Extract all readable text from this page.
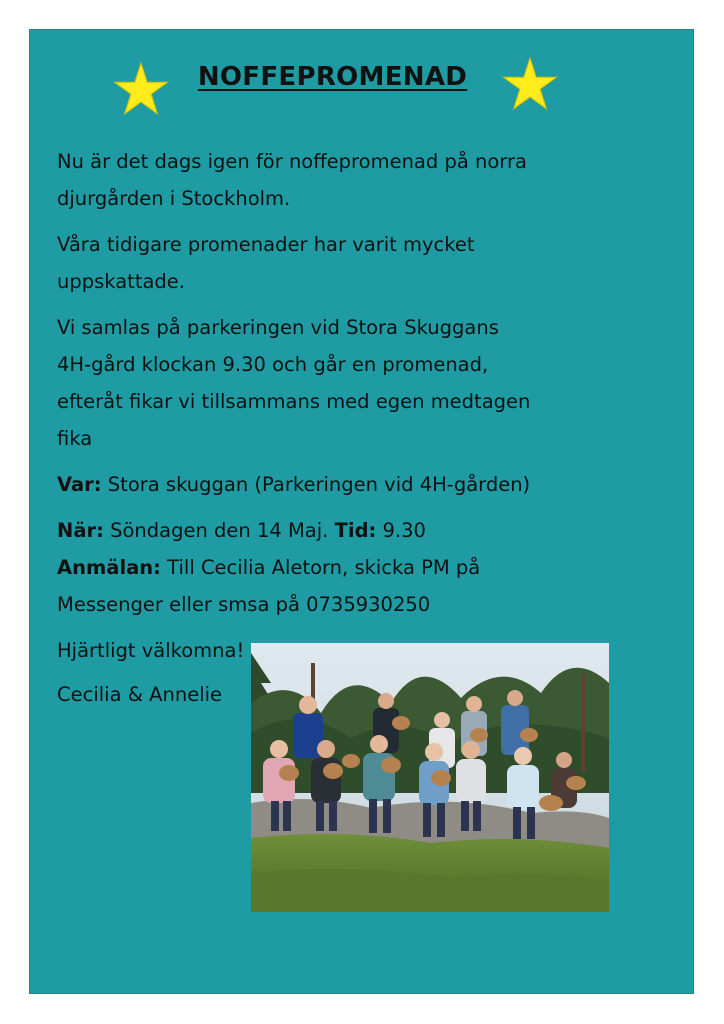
NOFFEPROMENAD
Nu är det dags igen för noffepromenad på norra
djurgården i Stockholm.
Våra tidigare promenader har varit mycket
uppskattade.
Vi samlas på parkeringen vid Stora Skuggans
4H-gård klockan 9.30 och går en promenad,
efteråt fikar vi tillsammans med egen medtagen
fika
Var: Stora skuggan (Parkeringen vid 4H-gården)
När: Söndagen den 14 Maj. Tid: 9.30
Anmälan: Till Cecilia Aletorn, skicka PM på
Messenger eller smsa på 0735930250
Hjärtligt välkomna!
Cecilia & Annelie
